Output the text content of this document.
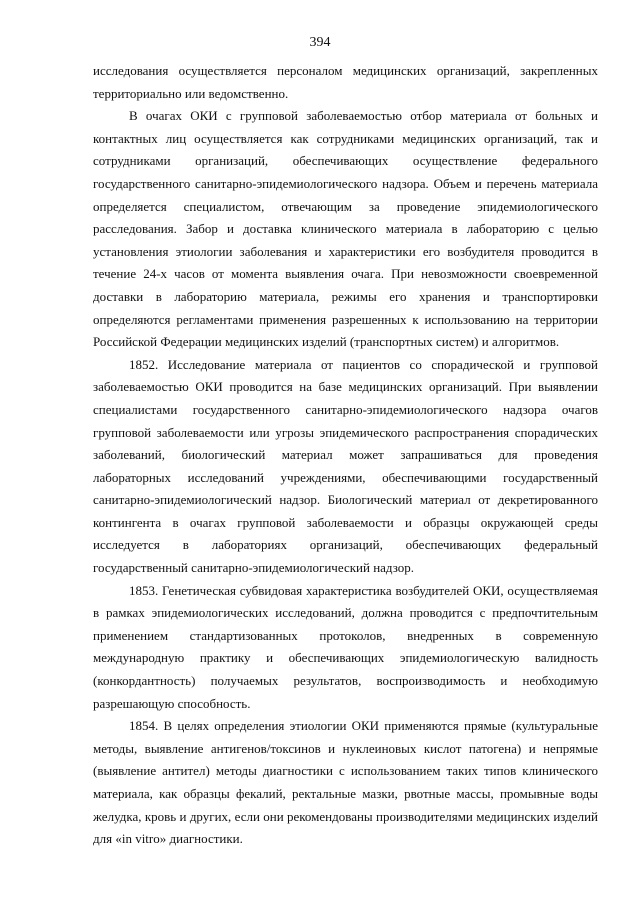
394

исследования осуществляется персоналом медицинских организаций, закрепленных территориально или ведомственно.

В очагах ОКИ с групповой заболеваемостью отбор материала от больных и контактных лиц осуществляется как сотрудниками медицинских организаций, так и сотрудниками организаций, обеспечивающих осуществление федерального государственного санитарно-эпидемиологического надзора. Объем и перечень материала определяется специалистом, отвечающим за проведение эпидемиологического расследования. Забор и доставка клинического материала в лабораторию с целью установления этиологии заболевания и характеристики его возбудителя проводится в течение 24-х часов от момента выявления очага. При невозможности своевременной доставки в лабораторию материала, режимы его хранения и транспортировки определяются регламентами применения разрешенных к использованию на территории Российской Федерации медицинских изделий (транспортных систем) и алгоритмов.

1852. Исследование материала от пациентов со спорадической и групповой заболеваемостью ОКИ проводится на базе медицинских организаций. При выявлении специалистами государственного санитарно-эпидемиологического надзора очагов групповой заболеваемости или угрозы эпидемического распространения спорадических заболеваний, биологический материал может запрашиваться для проведения лабораторных исследований учреждениями, обеспечивающими государственный санитарно-эпидемиологический надзор. Биологический материал от декретированного контингента в очагах групповой заболеваемости и образцы окружающей среды исследуется в лабораториях организаций, обеспечивающих федеральный государственный санитарно-эпидемиологический надзор.

1853. Генетическая субвидовая характеристика возбудителей ОКИ, осуществляемая в рамках эпидемиологических исследований, должна проводится с предпочтительным применением стандартизованных протоколов, внедренных в современную международную практику и обеспечивающих эпидемиологическую валидность (конкордантность) получаемых результатов, воспроизводимость и необходимую разрешающую способность.

1854. В целях определения этиологии ОКИ применяются прямые (культуральные методы, выявление антигенов/токсинов и нуклеиновых кислот патогена) и непрямые (выявление антител) методы диагностики с использованием таких типов клинического материала, как образцы фекалий, ректальные мазки, рвотные массы, промывные воды желудка, кровь и других, если они рекомендованы производителями медицинских изделий для «in vitro» диагностики.
